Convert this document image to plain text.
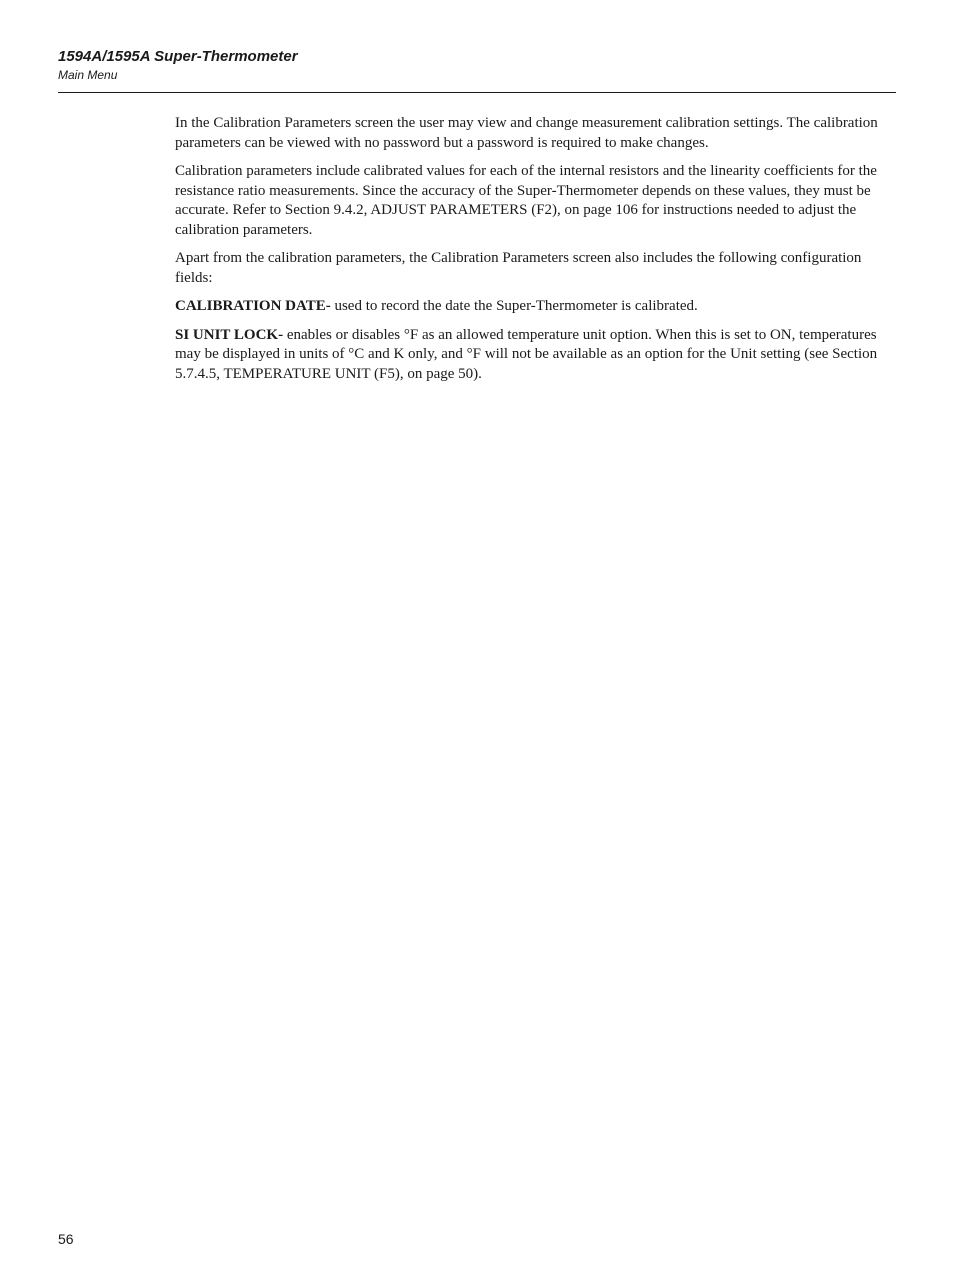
1594A/1595A Super-Thermometer
Main Menu

In the Calibration Parameters screen the user may view and change measurement calibration settings. The calibration parameters can be viewed with no password but a password is required to make changes.

Calibration parameters include calibrated values for each of the internal resistors and the linearity coefficients for the resistance ratio measurements. Since the accuracy of the Super-Thermometer depends on these values, they must be accurate. Refer to Section 9.4.2, ADJUST PARAMETERS (F2), on page 106 for instructions needed to adjust the calibration parameters.

Apart from the calibration parameters, the Calibration Parameters screen also includes the following configuration fields:

CALIBRATION DATE- used to record the date the Super-Thermometer is calibrated.

SI UNIT LOCK- enables or disables °F as an allowed temperature unit option. When this is set to ON, temperatures may be displayed in units of °C and K only, and °F will not be available as an option for the Unit setting (see Section 5.7.4.5, TEMPERATURE UNIT (F5), on page 50).

56
